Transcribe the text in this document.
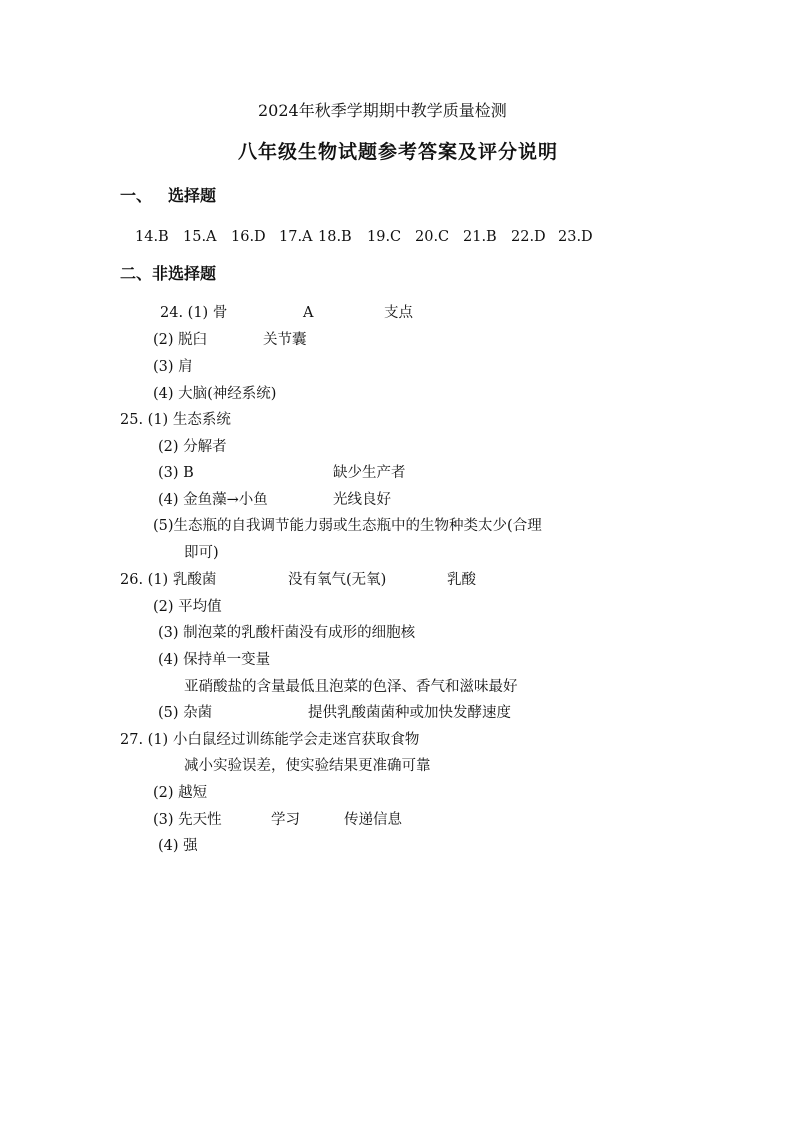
2024年秋季学期期中教学质量检测
八年级生物试题参考答案及评分说明
一、 选择题
14.B 15.A 16.D 17.A 18.B 19.C 20.C 21.B 22.D 23.D
二、非选择题
24. (1) 骨	A	支点
(2) 脱臼	关节囊
(3) 肩
(4) 大脑(神经系统)
25. (1) 生态系统
(2) 分解者
(3) B	缺少生产者
(4) 金鱼藻→小鱼	光线良好
(5)生态瓶的自我调节能力弱或生态瓶中的生物种类太少(合理
即可)
26. (1) 乳酸菌	没有氧气(无氧)	乳酸
(2) 平均值
(3) 制泡菜的乳酸杆菌没有成形的细胞核
(4) 保持单一变量
亚硝酸盐的含量最低且泡菜的色泽、香气和滋味最好
(5) 杂菌	提供乳酸菌菌种或加快发酵速度
27. (1) 小白鼠经过训练能学会走迷宫获取食物
减小实验误差，使实验结果更准确可靠
(2) 越短
(3) 先天性	学习	传递信息
(4) 强
